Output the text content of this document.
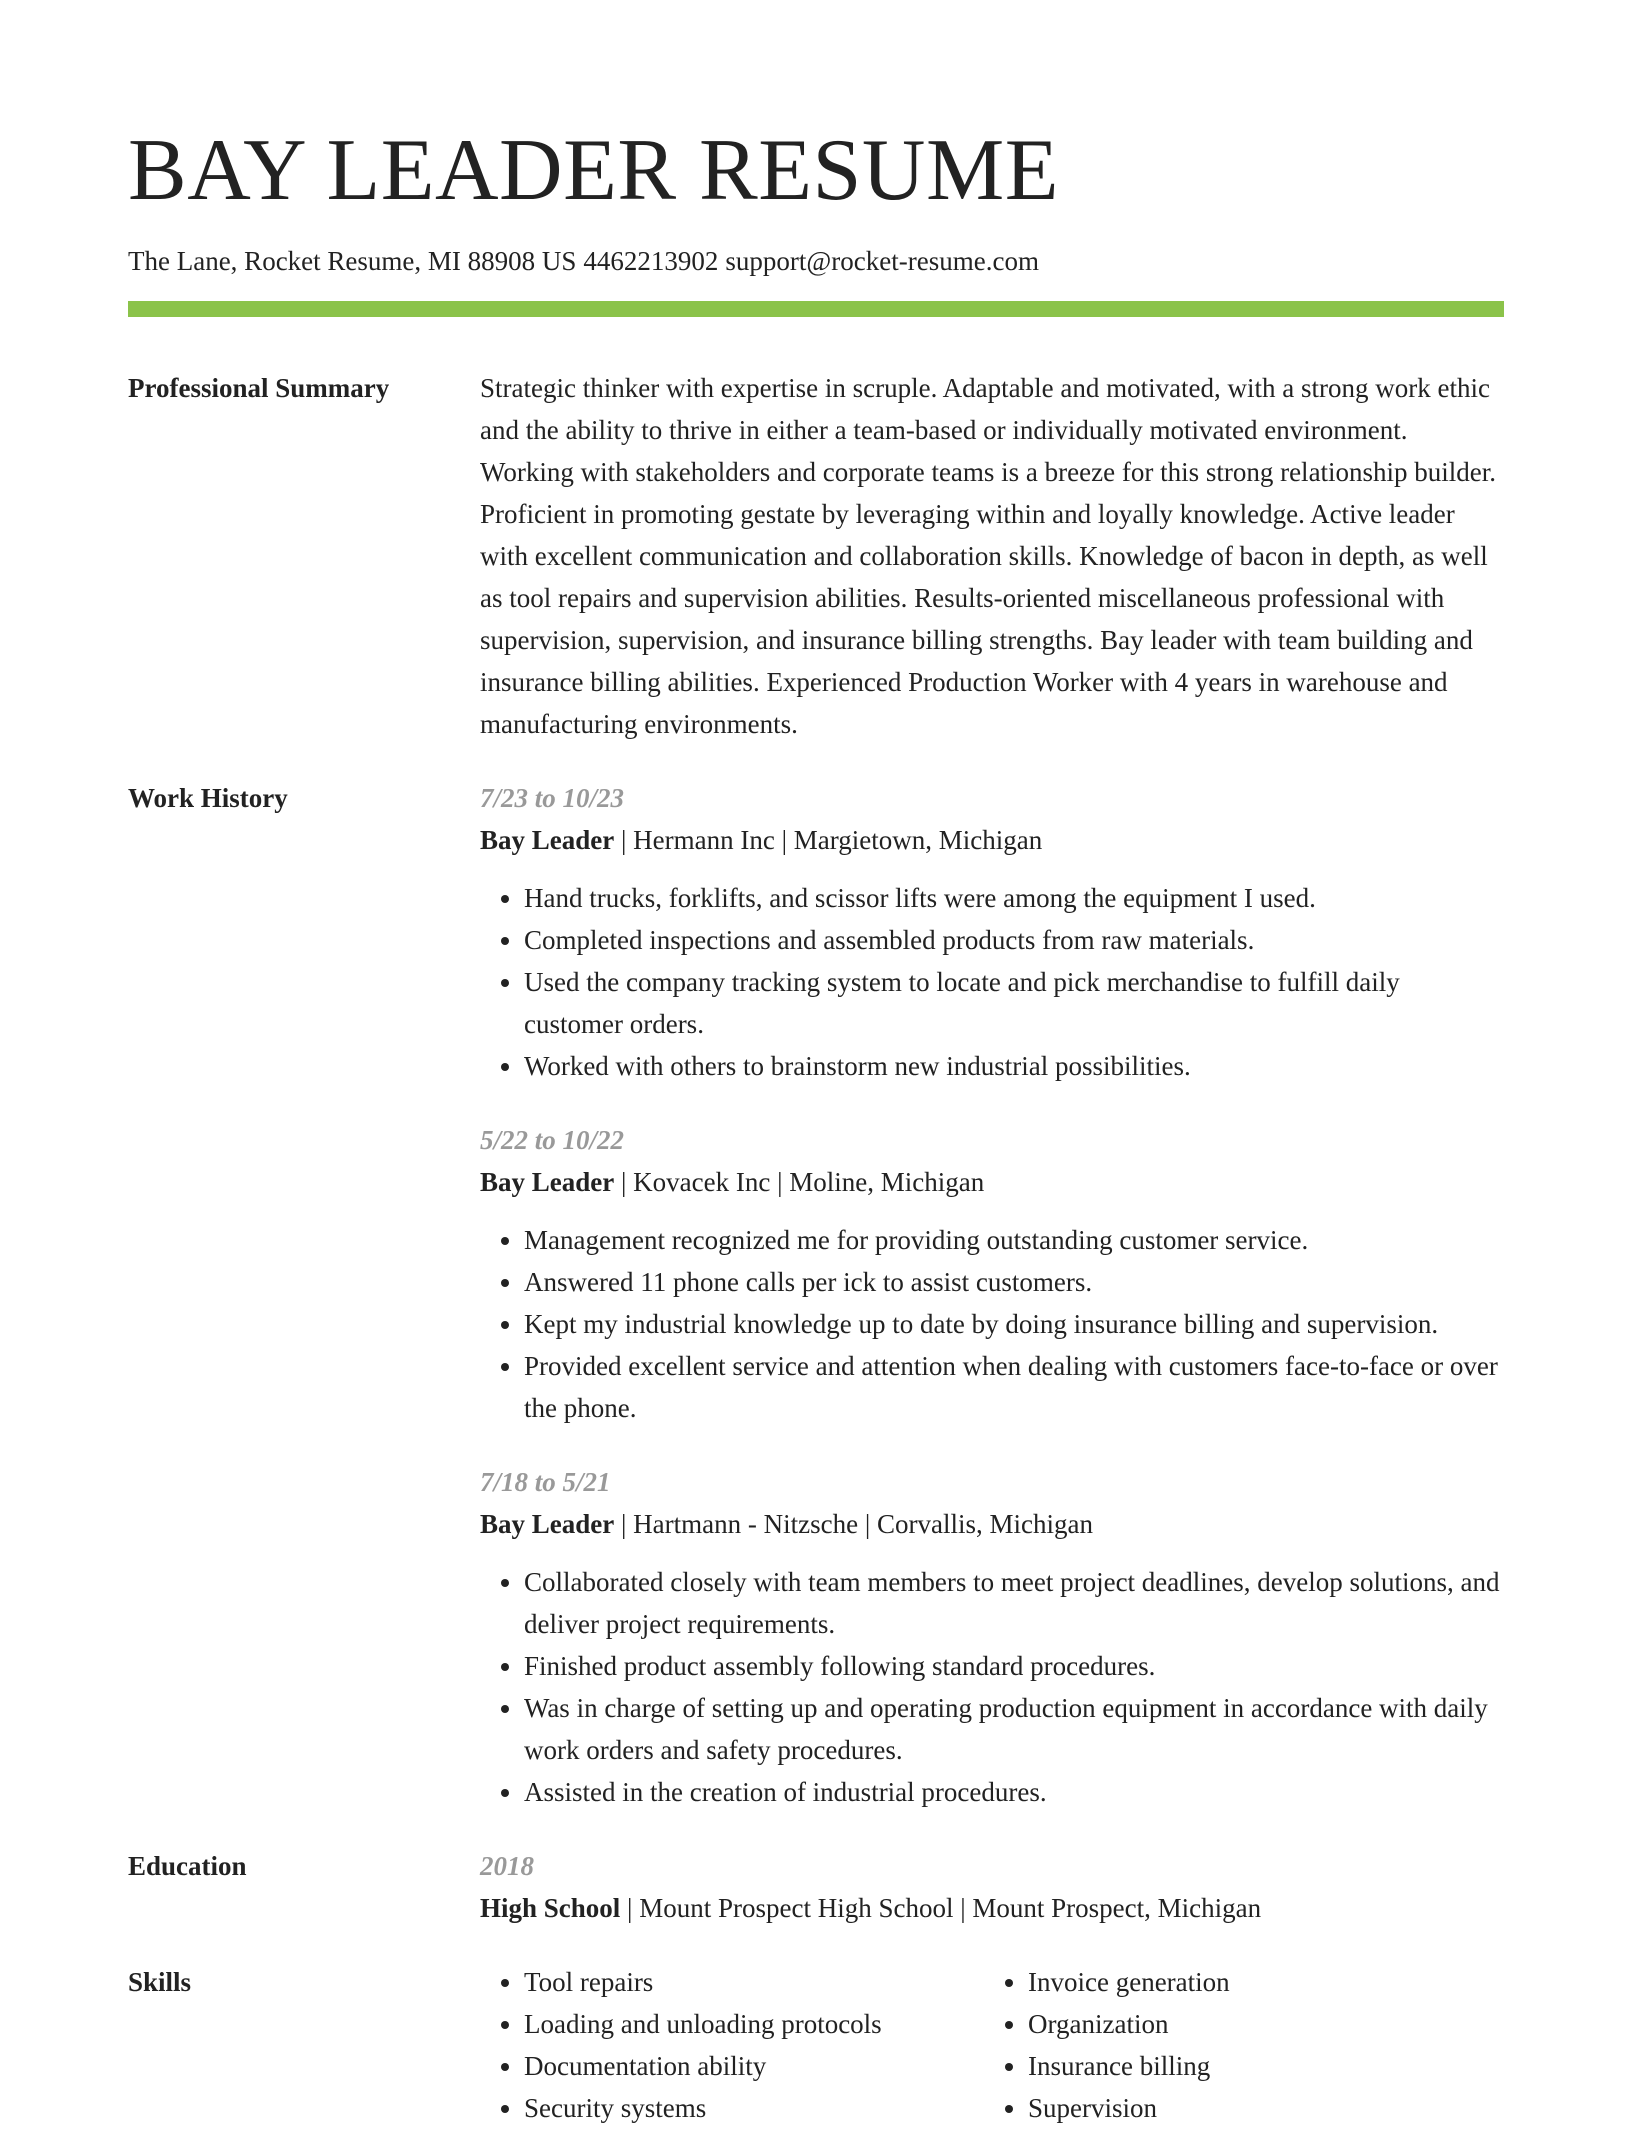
BAY LEADER RESUME
The Lane, Rocket Resume, MI 88908 US 4462213902 support@rocket-resume.com
Professional Summary	Strategic thinker with expertise in scruple. Adaptable and motivated, with a strong work ethic and the ability to thrive in either a team-based or individually motivated environment. Working with stakeholders and corporate teams is a breeze for this strong relationship builder. Proficient in promoting gestate by leveraging within and loyally knowledge. Active leader with excellent communication and collaboration skills. Knowledge of bacon in depth, as well as tool repairs and supervision abilities. Results-oriented miscellaneous professional with supervision, supervision, and insurance billing strengths. Bay leader with team building and insurance billing abilities. Experienced Production Worker with 4 years in warehouse and manufacturing environments.
Work History	7/23 to 10/23
Bay Leader | Hermann Inc | Margietown, Michigan
• Hand trucks, forklifts, and scissor lifts were among the equipment I used.
• Completed inspections and assembled products from raw materials.
• Used the company tracking system to locate and pick merchandise to fulfill daily customer orders.
• Worked with others to brainstorm new industrial possibilities.
5/22 to 10/22
Bay Leader | Kovacek Inc | Moline, Michigan
• Management recognized me for providing outstanding customer service.
• Answered 11 phone calls per ick to assist customers.
• Kept my industrial knowledge up to date by doing insurance billing and supervision.
• Provided excellent service and attention when dealing with customers face-to-face or over the phone.
7/18 to 5/21
Bay Leader | Hartmann - Nitzsche | Corvallis, Michigan
• Collaborated closely with team members to meet project deadlines, develop solutions, and deliver project requirements.
• Finished product assembly following standard procedures.
• Was in charge of setting up and operating production equipment in accordance with daily work orders and safety procedures.
• Assisted in the creation of industrial procedures.
Education	2018
High School | Mount Prospect High School | Mount Prospect, Michigan
Skills
•	Tool repairs
• Loading and unloading protocols
• Documentation ability
• Security systems
• Invoice generation
• Organization
• Insurance billing
• Supervision
